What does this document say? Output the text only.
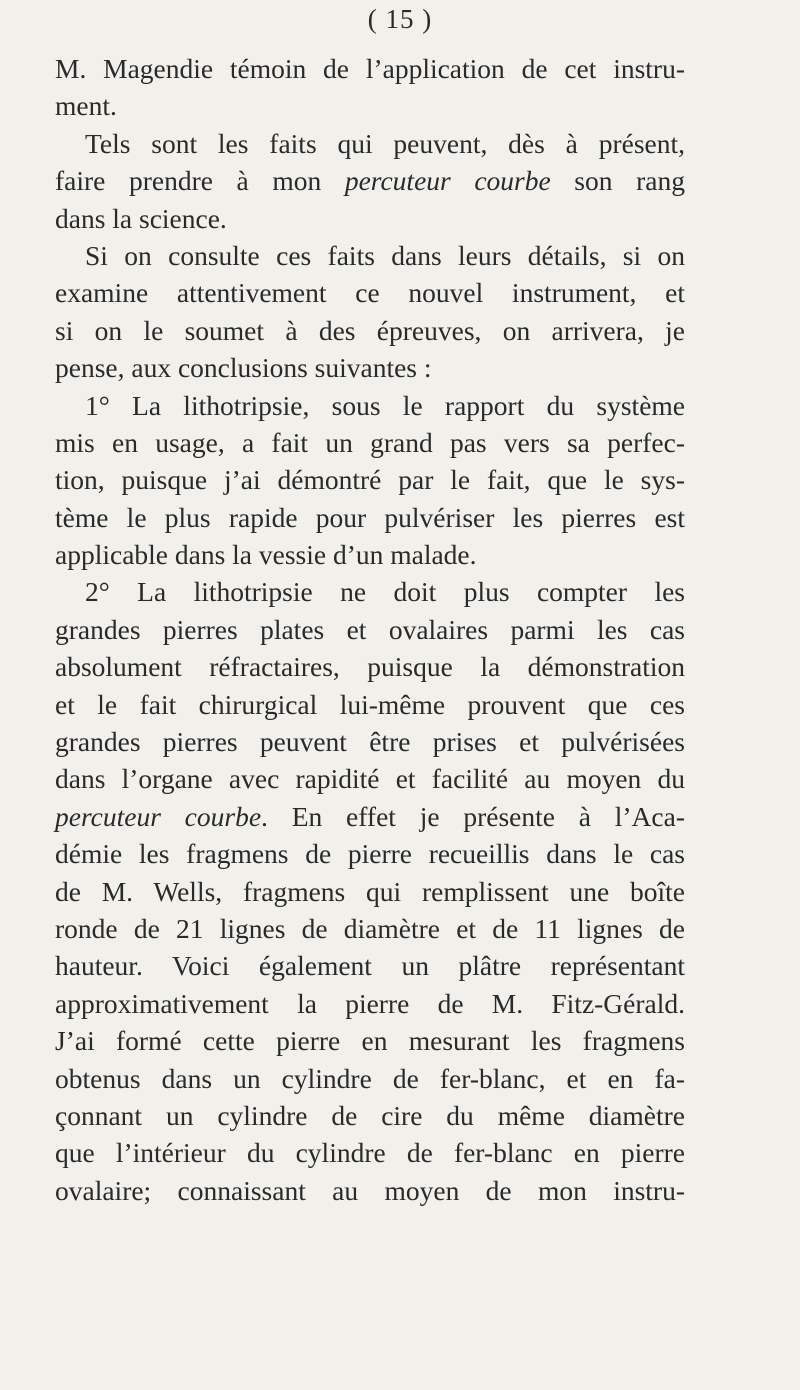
( 15 )
M. Magendie témoin de l’application de cet instru-
ment.
Tels sont les faits qui peuvent, dès à présent,
faire prendre à mon percuteur courbe son rang
dans la science.
Si on consulte ces faits dans leurs détails, si on
examine attentivement ce nouvel instrument, et
si on le soumet à des épreuves, on arrivera, je
pense, aux conclusions suivantes :
1° La lithotripsie, sous le rapport du système
mis en usage, a fait un grand pas vers sa perfec-
tion, puisque j’ai démontré par le fait, que le sys-
tème le plus rapide pour pulvériser les pierres est
applicable dans la vessie d’un malade.
2° La lithotripsie ne doit plus compter les
grandes pierres plates et ovalaires parmi les cas
absolument réfractaires, puisque la démonstration
et le fait chirurgical lui-même prouvent que ces
grandes pierres peuvent être prises et pulvérisées
dans l’organe avec rapidité et facilité au moyen du
percuteur courbe. En effet je présente à l’Aca-
démie les fragmens de pierre recueillis dans le cas
de M. Wells, fragmens qui remplissent une boîte
ronde de 21 lignes de diamètre et de 11 lignes de
hauteur. Voici également un plâtre représentant
approximativement la pierre de M. Fitz-Gérald.
J’ai formé cette pierre en mesurant les fragmens
obtenus dans un cylindre de fer-blanc, et en fa-
çonnant un cylindre de cire du même diamètre
que l’intérieur du cylindre de fer-blanc en pierre
ovalaire; connaissant au moyen de mon instru-
